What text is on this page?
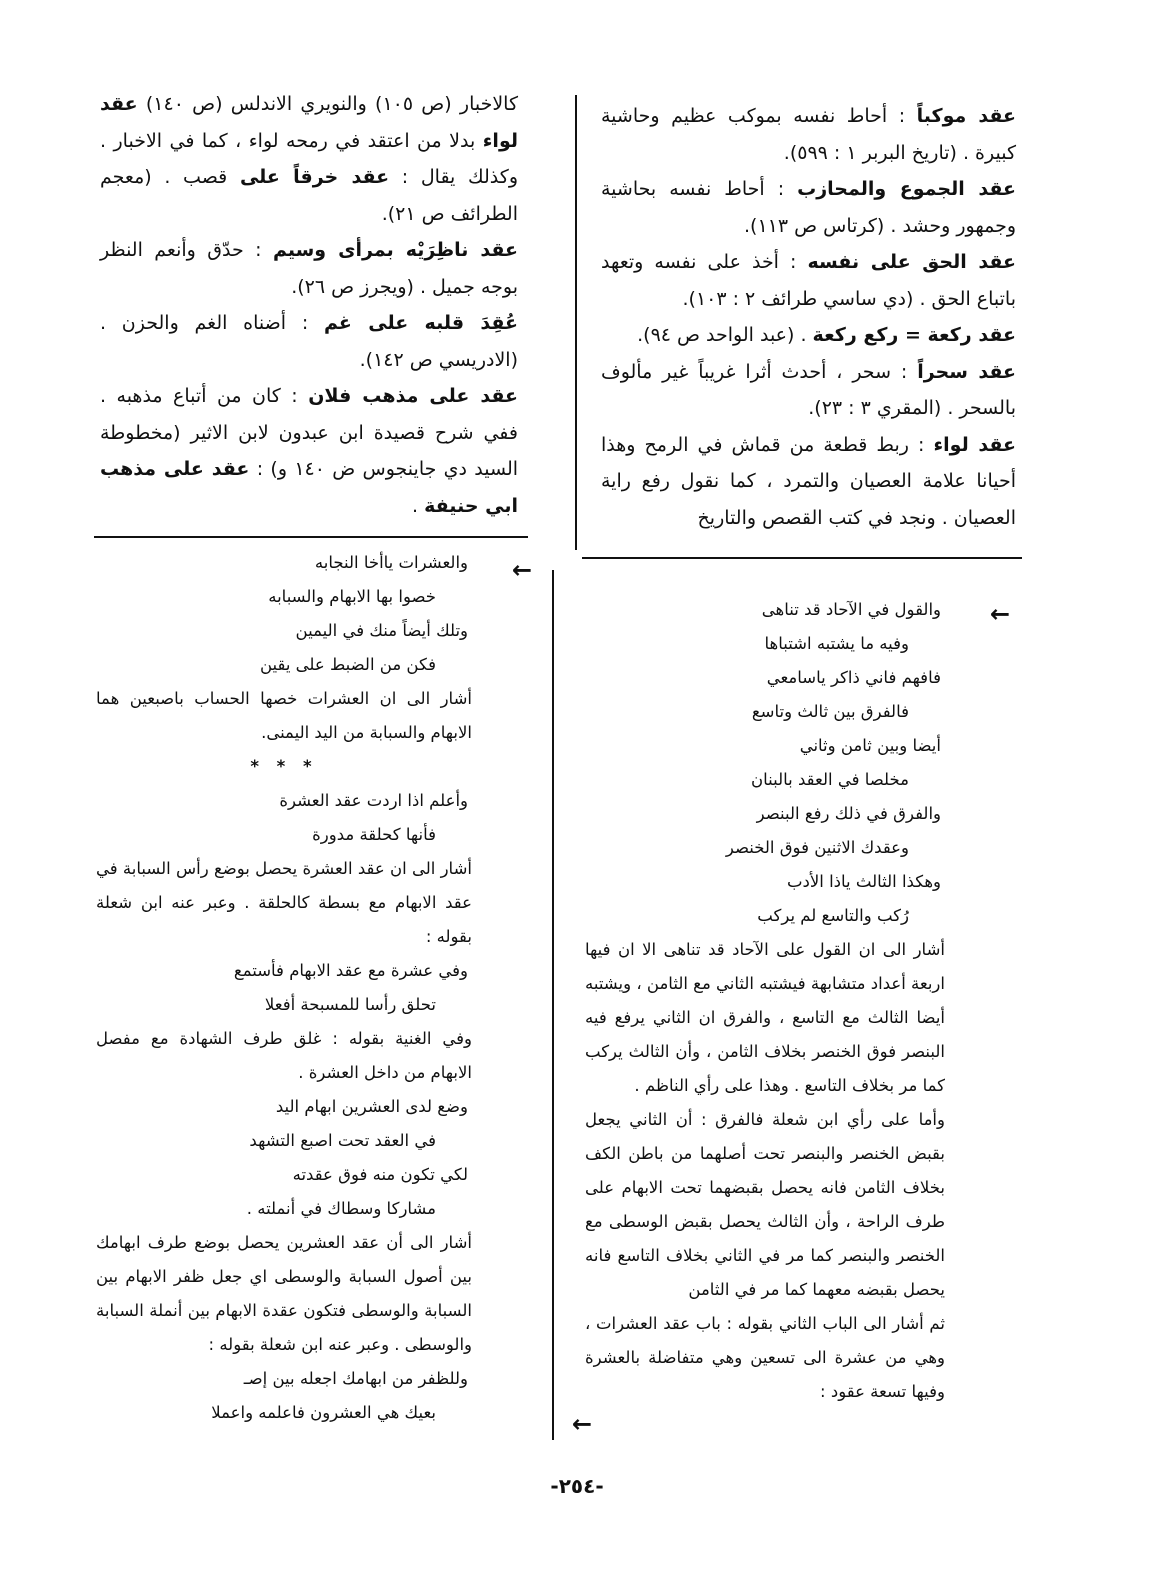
عقد موكباً : أحاط نفسه بموكب عظيم وحاشية كبيرة . (تاريخ البربر ١ : ٥٩٩).

عقد الجموع والمحازب : أحاط نفسه بحاشية وجمهور وحشد . (كرتاس ص ١١٣).

عقد الحق على نفسه : أخذ على نفسه وتعهد باتباع الحق . (دي ساسي طرائف ٢ : ١٠٣).

عقد ركعة = ركع ركعة . (عبد الواحد ص ٩٤).

عقد سحراً : سحر ، أحدث أثرا غريباً غير مألوف بالسحر . (المقري ٣ : ٢٣).

عقد لواء : ربط قطعة من قماش في الرمح وهذا أحيانا علامة العصيان والتمرد ، كما نقول رفع راية العصيان . ونجد في كتب القصص والتاريخ

كالاخبار (ص ١٠٥) والنويري الاندلس (ص ١٤٠) عقد لواء بدلا من اعتقد في رمحه لواء ، كما في الاخبار . وكذلك يقال : عقد خرقاً على قصب . (معجم الطرائف ص ٢١).

عقد ناظِرَيْه بمرأى وسيم : حدّق وأنعم النظر بوجه جميل . (ويجرز ص ٢٦).

عُقِدَ قلبه على غم : أضناه الغم والحزن . (الادريسي ص ١٤٢).

عقد على مذهب فلان : كان من أتباع مذهبه . ففي شرح قصيدة ابن عبدون لابن الاثير (مخطوطة السيد دي جاينجوس ض ١٤٠ و) : عقد على مذهب ابي حنيفة .

←
←
←
والقول في الآحاد قد تناهى
وفيه ما يشتبه اشتباها
فافهم فاني ذاكر ياسامعي
فالفرق بين ثالث وتاسع
أيضا وبين ثامن وثاني
مخلصا في العقد بالبنان
والفرق في ذلك رفع البنصر
وعقدك الاثنين فوق الخنصر
وهكذا الثالث ياذا الأدب
رُكب والتاسع لم يركب
أشار الى ان القول على الآحاد قد تناهى الا ان فيها اربعة أعداد متشابهة فيشتبه الثاني مع الثامن ، ويشتبه أيضا الثالث مع التاسع ، والفرق ان الثاني يرفع فيه البنصر فوق الخنصر بخلاف الثامن ، وأن الثالث يركب كما مر بخلاف التاسع . وهذا على رأي الناظم .
وأما على رأي ابن شعلة فالفرق : أن الثاني يجعل بقبض الخنصر والبنصر تحت أصلهما من باطن الكف بخلاف الثامن فانه يحصل بقبضهما تحت الابهام على طرف الراحة ، وأن الثالث يحصل بقبض الوسطى مع الخنصر والبنصر كما مر في الثاني بخلاف التاسع فانه يحصل بقبضه معهما كما مر في الثامن
ثم أشار الى الباب الثاني بقوله : باب عقد العشرات ، وهي من عشرة الى تسعين وهي متفاضلة بالعشرة وفيها تسعة عقود :
والعشرات ياأخا النجابه
خصوا بها الابهام والسبابه
وتلك أيضاً منك في اليمين
فكن من الضبط على يقين
أشار الى ان العشرات خصها الحساب باصبعين هما الابهام والسبابة من اليد اليمنى.
* * *
وأعلم اذا اردت عقد العشرة
فأنها كحلقة مدورة
أشار الى ان عقد العشرة يحصل بوضع رأس السبابة في عقد الابهام مع بسطة كالحلقة . وعبر عنه ابن شعلة بقوله :
وفي عشرة مع عقد الابهام فأستمع
تحلق رأسا للمسبحة أفعلا
وفي الغنية بقوله : غلق طرف الشهادة مع مفصل الابهام من داخل العشرة .
وضع لدى العشرين ابهام اليد
في العقد تحت اصبع التشهد
لكي تكون منه فوق عقدته
مشاركا وسطاك في أنملته .
أشار الى أن عقد العشرين يحصل بوضع طرف ابهامك بين أصول السبابة والوسطى اي جعل ظفر الابهام بين السبابة والوسطى فتكون عقدة الابهام بين أنملة السبابة والوسطى . وعبر عنه ابن شعلة بقوله :
وللظفر من ابهامك اجعله بين إصـ
بعيك هي العشرون فاعلمه واعملا
-٢٥٤-
